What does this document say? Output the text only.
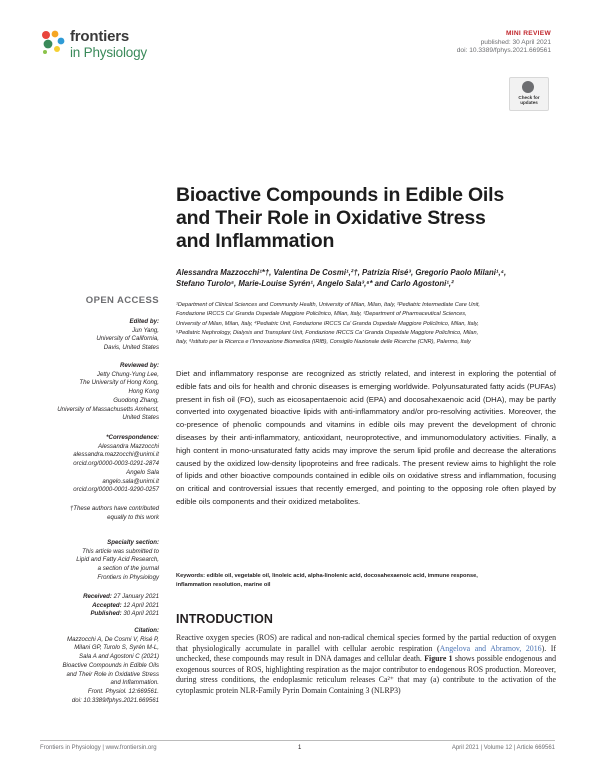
frontiers
in Physiology
MINI REVIEW
published: 30 April 2021
doi: 10.3389/fphys.2021.669561
Check for
updates
Bioactive Compounds in Edible Oils
and Their Role in Oxidative Stress
and Inflammation
Alessandra Mazzocchi¹*†, Valentina De Cosmi¹,²†, Patrizia Risé³, Gregorio Paolo Milani¹,⁴,
Stefano Turolo⁵, Marie-Louise Syrén¹, Angelo Sala³,⁶* and Carlo Agostoni¹,²
¹Department of Clinical Sciences and Community Health, University of Milan, Milan, Italy, ²Pediatric Intermediate Care Unit,
Fondazione IRCCS Ca’ Granda Ospedale Maggiore Policlinico, Milan, Italy, ³Department of Pharmaceutical Sciences,
University of Milan, Milan, Italy, ⁴Pediatric Unit, Fondazione IRCCS Ca’ Granda Ospedale Maggiore Policlinico, Milan, Italy,
⁵Pediatric Nephrology, Dialysis and Transplant Unit, Fondazione IRCCS Ca’ Granda Ospedale Maggiore Policlinico, Milan,
Italy, ⁶Istituto per la Ricerca e l’Innovazione Biomedica (IRIB), Consiglio Nazionale delle Ricerche (CNR), Palermo, Italy
Diet and inflammatory response are recognized as strictly related, and interest in exploring the potential of edible fats and oils for health and chronic diseases is emerging worldwide. Polyunsaturated fatty acids (PUFAs) present in fish oil (FO), such as eicosapentaenoic acid (EPA) and docosahexaenoic acid (DHA), may be partly converted into oxygenated bioactive lipids with anti-inflammatory and/or pro-resolving activities. Moreover, the co-presence of phenolic compounds and vitamins in edible oils may prevent the development of chronic diseases by their anti-inflammatory, antioxidant, neuroprotective, and immunomodulatory activities. Finally, a high content in mono-unsaturated fatty acids may improve the serum lipid profile and decrease the alterations caused by the oxidized low-density lipoproteins and free radicals. The present review aims to highlight the role of lipids and other bioactive compounds contained in edible oils on oxidative stress and inflammation, focusing on critical and controversial issues that recently emerged, and pointing to the opposing role often played by edible oils components and their oxidized metabolites.
Keywords: edible oil, vegetable oil, linoleic acid, alpha-linolenic acid, docosahexaenoic acid, immune response,
inflammation resolution, marine oil
INTRODUCTION
Reactive oxygen species (ROS) are radical and non-radical chemical species formed by the partial reduction of oxygen that physiologically accumulate in parallel with cellular aerobic respiration (Angelova and Abramov, 2016). If unchecked, these compounds may result in DNA damages and cellular death. Figure 1 shows possible endogenous and exogenous sources of ROS, highlighting respiration as the major contributor to endogenous ROS production. Moreover, during stress conditions, the endoplasmic reticulum releases Ca²⁺ that may (a) contribute to the activation of the cytoplasmic protein NLR-Family Pyrin Domain Containing 3 (NLRP3)
OPEN ACCESS
Edited by:
Jun Yang,
University of California,
Davis, United States
Reviewed by:
Jetty Chung-Yung Lee,
The University of Hong Kong,
Hong Kong
Guodong Zhang,
University of Massachusetts Amherst,
United States
*Correspondence:
Alessandra Mazzocchi
alessandra.mazzocchi@unimi.it
orcid.org/0000-0003-0291-2874
Angelo Sala
angelo.sala@unimi.it
orcid.org/0000-0001-9290-0257
†These authors have contributed
equally to this work
Specialty section:
This article was submitted to
Lipid and Fatty Acid Research,
a section of the journal
Frontiers in Physiology
Received: 27 January 2021
Accepted: 12 April 2021
Published: 30 April 2021
Citation:
Mazzocchi A, De Cosmi V, Risé P,
Milani GP, Turolo S, Syrén M-L,
Sala A and Agostoni C (2021)
Bioactive Compounds in Edible Oils
and Their Role in Oxidative Stress
and Inflammation.
Front. Physiol. 12:669561.
doi: 10.3389/fphys.2021.669561
Frontiers in Physiology | www.frontiersin.org	1	April 2021 | Volume 12 | Article 669561
